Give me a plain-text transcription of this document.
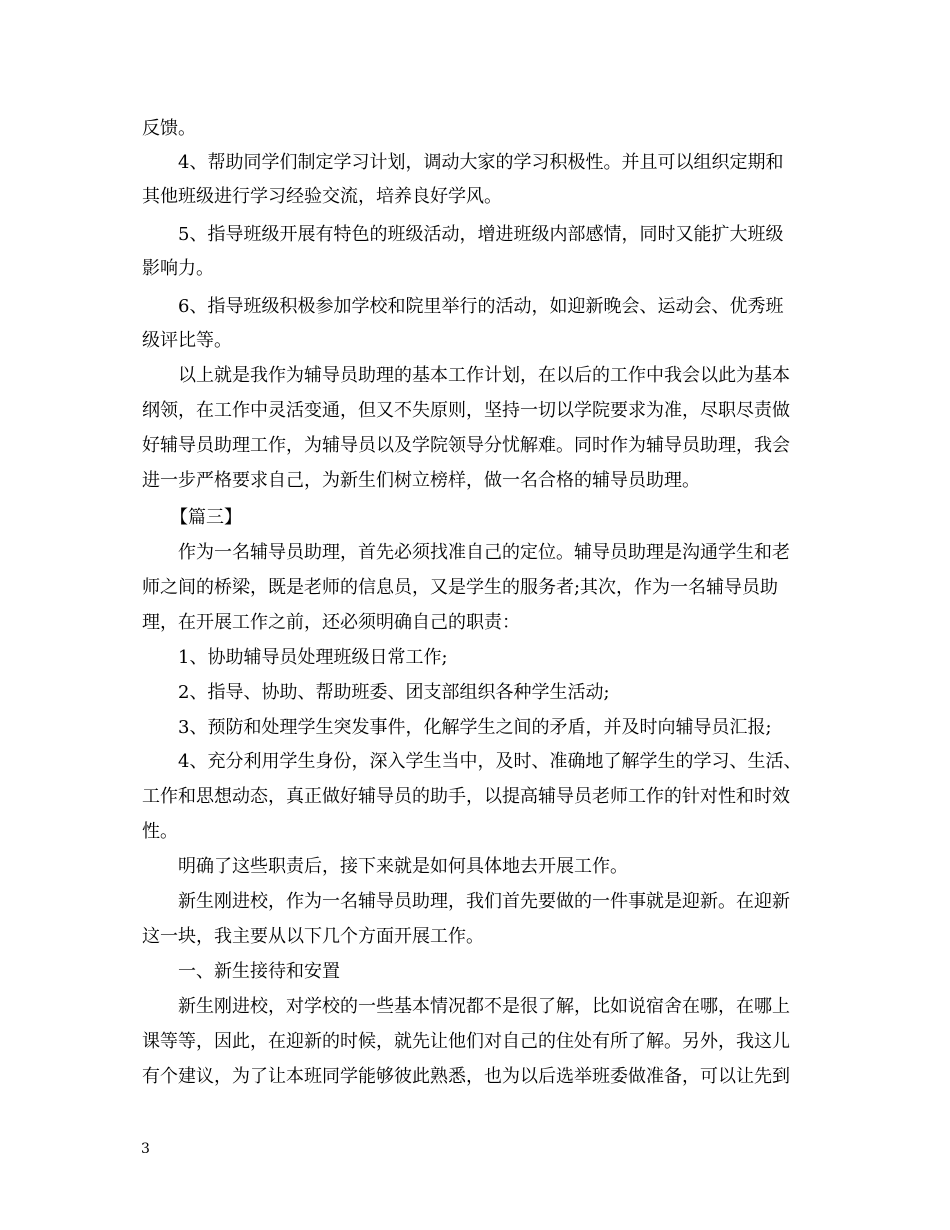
反馈。
4、帮助同学们制定学习计划，调动大家的学习积极性。并且可以组织定期和
其他班级进行学习经验交流，培养良好学风。
5、指导班级开展有特色的班级活动，增进班级内部感情，同时又能扩大班级
影响力。
6、指导班级积极参加学校和院里举行的活动，如迎新晚会、运动会、优秀班
级评比等。
以上就是我作为辅导员助理的基本工作计划，在以后的工作中我会以此为基本
纲领，在工作中灵活变通，但又不失原则，坚持一切以学院要求为准，尽职尽责做
好辅导员助理工作，为辅导员以及学院领导分忧解难。同时作为辅导员助理，我会
进一步严格要求自己，为新生们树立榜样，做一名合格的辅导员助理。
【篇三】
作为一名辅导员助理，首先必须找准自己的定位。辅导员助理是沟通学生和老
师之间的桥梁，既是老师的信息员，又是学生的服务者;其次，作为一名辅导员助
理，在开展工作之前，还必须明确自己的职责：
1、协助辅导员处理班级日常工作;
2、指导、协助、帮助班委、团支部组织各种学生活动;
3、预防和处理学生突发事件，化解学生之间的矛盾，并及时向辅导员汇报;
4、充分利用学生身份，深入学生当中，及时、准确地了解学生的学习、生活、
工作和思想动态，真正做好辅导员的助手，以提高辅导员老师工作的针对性和时效
性。
明确了这些职责后，接下来就是如何具体地去开展工作。
新生刚进校，作为一名辅导员助理，我们首先要做的一件事就是迎新。在迎新
这一块，我主要从以下几个方面开展工作。
一、新生接待和安置
新生刚进校，对学校的一些基本情况都不是很了解，比如说宿舍在哪，在哪上
课等等，因此，在迎新的时候，就先让他们对自己的住处有所了解。另外，我这儿
有个建议，为了让本班同学能够彼此熟悉，也为以后选举班委做准备，可以让先到
3
